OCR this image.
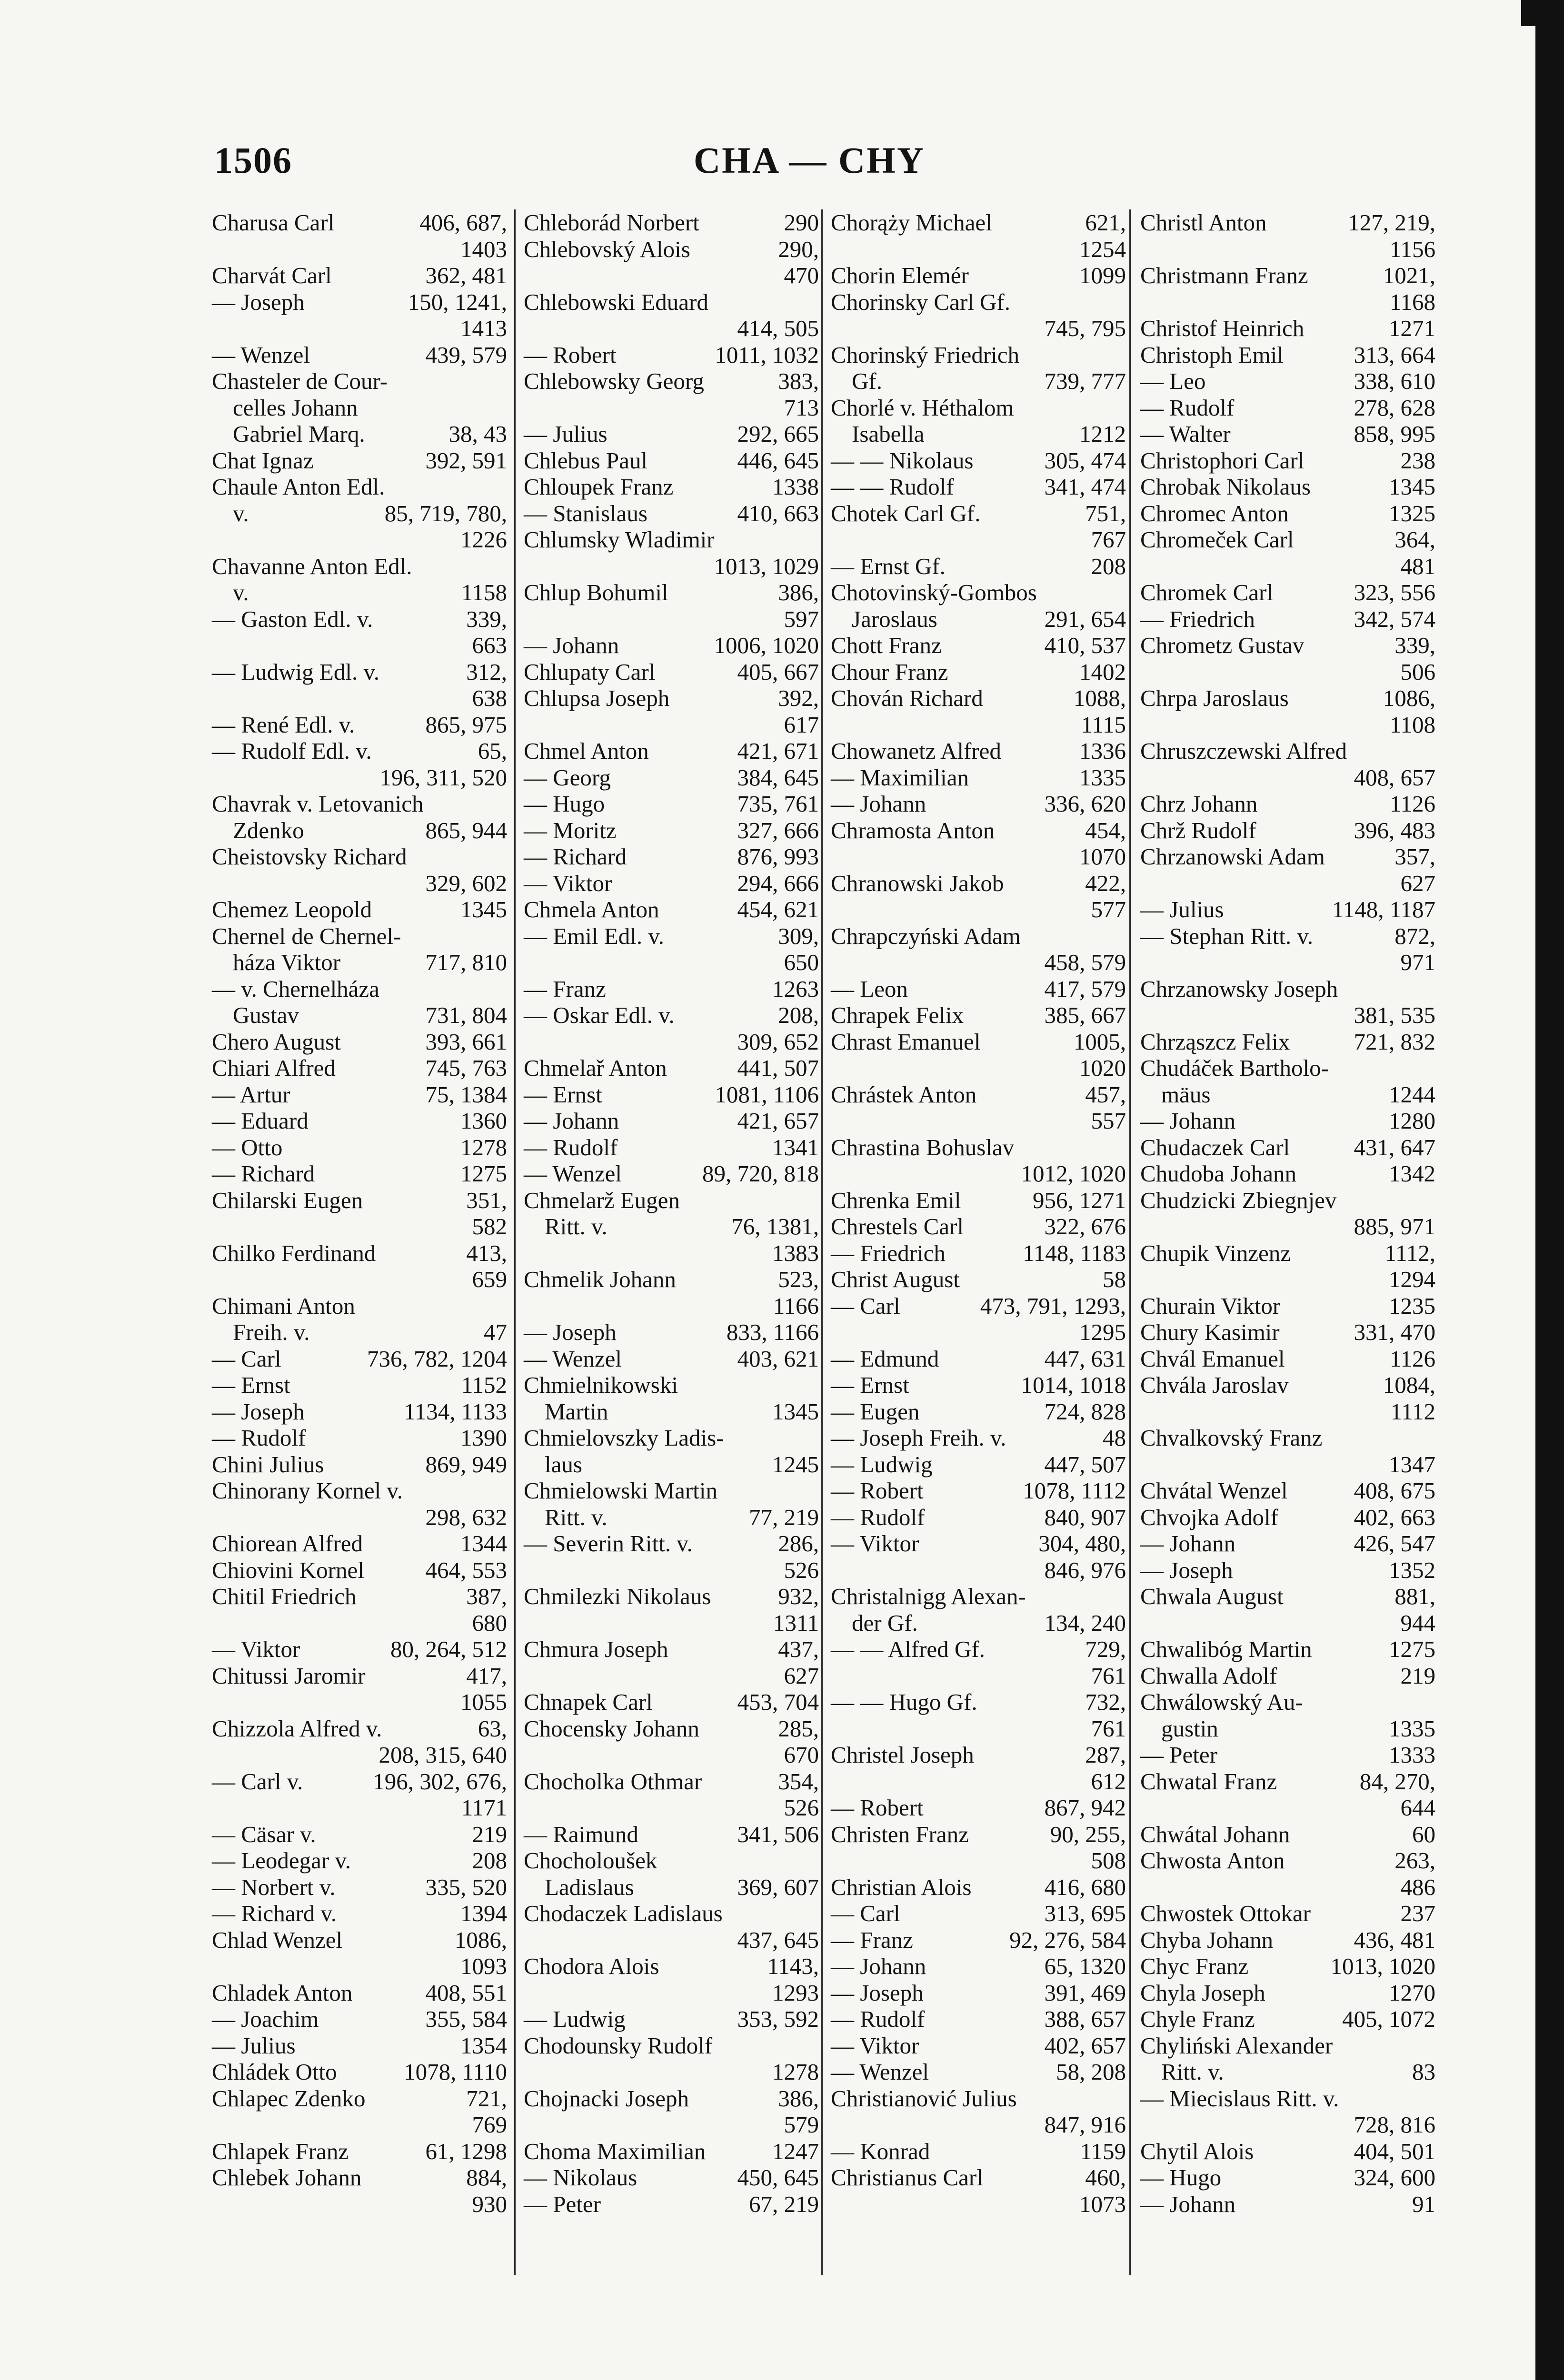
1506	CHA — CHY
Charusa Carl	406, 687,
1403
Charvát Carl	362, 481
— Joseph	150, 1241,
1413
— Wenzel	439, 579
Chasteler de Cour-
celles Johann
Gabriel Marq.	38, 43
Chat Ignaz	392, 591
Chaule Anton Edl.
v.	85, 719, 780,
1226
Chavanne Anton Edl.
v.	1158
— Gaston Edl. v.	339,
663
— Ludwig Edl. v.	312,
638
— René Edl. v.	865, 975
— Rudolf Edl. v.	65,
196, 311, 520
Chavrak v. Letovanich
Zdenko	865, 944
Cheistovsky Richard
329, 602
Chemez Leopold	1345
Chernel de Chernel-
háza Viktor	717, 810
— v. Chernelháza
Gustav	731, 804
Chero August	393, 661
Chiari Alfred	745, 763
— Artur	75, 1384
— Eduard	1360
— Otto	1278
— Richard	1275
Chilarski Eugen	351,
582
Chilko Ferdinand	413,
659
Chimani Anton
Freih. v.	47
— Carl	736, 782, 1204
— Ernst	1152
— Joseph	1134, 1133
— Rudolf	1390
Chini Julius	869, 949
Chinorany Kornel v.
298, 632
Chiorean Alfred	1344
Chiovini Kornel	464, 553
Chitil Friedrich	387,
680
— Viktor	80, 264, 512
Chitussi Jaromir	417,
1055
Chizzola Alfred v.	63,
208, 315, 640
— Carl v.	196, 302, 676,
1171
— Cäsar v.	219
— Leodegar v.	208
— Norbert v.	335, 520
— Richard v.	1394
Chlad Wenzel	1086,
1093
Chladek Anton	408, 551
— Joachim	355, 584
— Julius	1354
Chládek Otto	1078, 1110
Chlapec Zdenko	721,
769
Chlapek Franz	61, 1298
Chlebek Johann	884,
930
Chleborád Norbert	290
Chlebovský Alois	290,
470
Chlebowski Eduard
414, 505
— Robert	1011, 1032
Chlebowsky Georg	383,
713
— Julius	292, 665
Chlebus Paul	446, 645
Chloupek Franz	1338
— Stanislaus	410, 663
Chlumsky Wladimir
1013, 1029
Chlup Bohumil	386,
597
— Johann	1006, 1020
Chlupaty Carl	405, 667
Chlupsa Joseph	392,
617
Chmel Anton	421, 671
— Georg	384, 645
— Hugo	735, 761
— Moritz	327, 666
— Richard	876, 993
— Viktor	294, 666
Chmela Anton	454, 621
— Emil Edl. v.	309,
650
— Franz	1263
— Oskar Edl. v.	208,
309, 652
Chmelař Anton	441, 507
— Ernst	1081, 1106
— Johann	421, 657
— Rudolf	1341
— Wenzel	89, 720, 818
Chmelarž Eugen
Ritt. v.	76, 1381,
1383
Chmelik Johann	523,
1166
— Joseph	833, 1166
— Wenzel	403, 621
Chmielnikowski
Martin	1345
Chmielovszky Ladis-
laus	1245
Chmielowski Martin
Ritt. v.	77, 219
— Severin Ritt. v.	286,
526
Chmilezki Nikolaus	932,
1311
Chmura Joseph	437,
627
Chnapek Carl	453, 704
Chocensky Johann	285,
670
Chocholka Othmar	354,
526
— Raimund	341, 506
Chocholoušek
Ladislaus	369, 607
Chodaczek Ladislaus
437, 645
Chodora Alois	1143,
1293
— Ludwig	353, 592
Chodounsky Rudolf
1278
Chojnacki Joseph	386,
579
Choma Maximilian	1247
— Nikolaus	450, 645
— Peter	67, 219
Chorąży Michael	621,
1254
Chorin Elemér	1099
Chorinsky Carl Gf.
745, 795
Chorinský Friedrich
Gf.	739, 777
Chorlé v. Héthalom
Isabella	1212
— — Nikolaus	305, 474
— — Rudolf	341, 474
Chotek Carl Gf.	751,
767
— Ernst Gf.	208
Chotovinský-Gombos
Jaroslaus	291, 654
Chott Franz	410, 537
Chour Franz	1402
Chován Richard	1088,
1115
Chowanetz Alfred	1336
— Maximilian	1335
— Johann	336, 620
Chramosta Anton	454,
1070
Chranowski Jakob	422,
577
Chrapczyński Adam
458, 579
— Leon	417, 579
Chrapek Felix	385, 667
Chrast Emanuel	1005,
1020
Chrástek Anton	457,
557
Chrastina Bohuslav
1012, 1020
Chrenka Emil	956, 1271
Chrestels Carl	322, 676
— Friedrich	1148, 1183
Christ August	58
— Carl	473, 791, 1293,
1295
— Edmund	447, 631
— Ernst	1014, 1018
— Eugen	724, 828
— Joseph Freih. v.	48
— Ludwig	447, 507
— Robert	1078, 1112
— Rudolf	840, 907
— Viktor	304, 480,
846, 976
Christalnigg Alexan-
der Gf.	134, 240
— — Alfred Gf.	729,
761
— — Hugo Gf.	732,
761
Christel Joseph	287,
612
— Robert	867, 942
Christen Franz	90, 255,
508
Christian Alois	416, 680
— Carl	313, 695
— Franz	92, 276, 584
— Johann	65, 1320
— Joseph	391, 469
— Rudolf	388, 657
— Viktor	402, 657
— Wenzel	58, 208
Christianović Julius
847, 916
— Konrad	1159
Christianus Carl	460,
1073
Christl Anton	127, 219,
1156
Christmann Franz	1021,
1168
Christof Heinrich	1271
Christoph Emil	313, 664
— Leo	338, 610
— Rudolf	278, 628
— Walter	858, 995
Christophori Carl	238
Chrobak Nikolaus	1345
Chromec Anton	1325
Chromeček Carl	364,
481
Chromek Carl	323, 556
— Friedrich	342, 574
Chrometz Gustav	339,
506
Chrpa Jaroslaus	1086,
1108
Chruszczewski Alfred
408, 657
Chrz Johann	1126
Chrž Rudolf	396, 483
Chrzanowski Adam	357,
627
— Julius	1148, 1187
— Stephan Ritt. v.	872,
971
Chrzanowsky Joseph
381, 535
Chrząszcz Felix	721, 832
Chudáček Bartholo-
mäus	1244
— Johann	1280
Chudaczek Carl	431, 647
Chudoba Johann	1342
Chudzicki Zbiegnjev
885, 971
Chupik Vinzenz	1112,
1294
Churain Viktor	1235
Chury Kasimir	331, 470
Chvál Emanuel	1126
Chvála Jaroslav	1084,
1112
Chvalkovský Franz
1347
Chvátal Wenzel	408, 675
Chvojka Adolf	402, 663
— Johann	426, 547
— Joseph	1352
Chwala August	881,
944
Chwalibóg Martin	1275
Chwalla Adolf	219
Chwálowský Au-
gustin	1335
— Peter	1333
Chwatal Franz	84, 270,
644
Chwátal Johann	60
Chwosta Anton	263,
486
Chwostek Ottokar	237
Chyba Johann	436, 481
Chyc Franz	1013, 1020
Chyla Joseph	1270
Chyle Franz	405, 1072
Chyliński Alexander
Ritt. v.	83
— Miecislaus Ritt. v.
728, 816
Chytil Alois	404, 501
— Hugo	324, 600
— Johann	91
